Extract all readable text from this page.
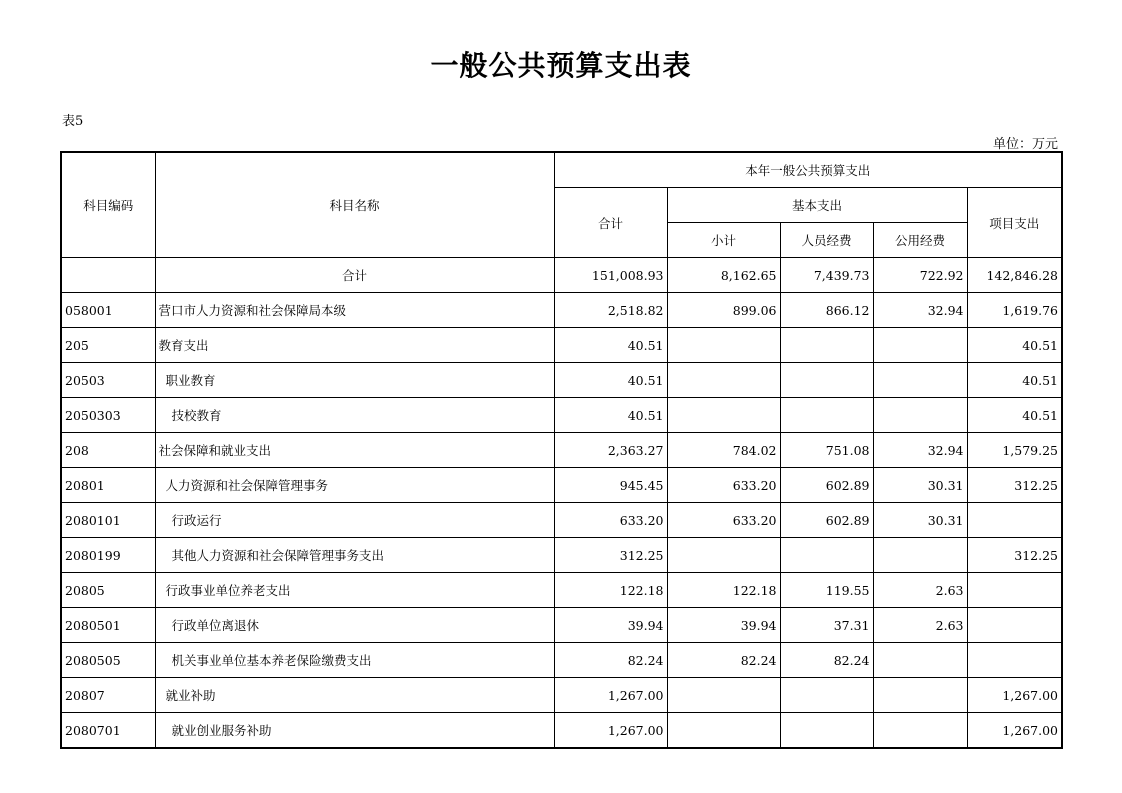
一般公共预算支出表
表5
单位：万元
科目编码	科目名称	本年一般公共预算支出				
		合计	基本支出			项目支出
			小计	人员经费	公用经费	
	合计	151,008.93	8,162.65	7,439.73	722.92	142,846.28
058001	营口市人力资源和社会保障局本级	2,518.82	899.06	866.12	32.94	1,619.76
205	教育支出	40.51				40.51
20503	职业教育	40.51				40.51
2050303	技校教育	40.51				40.51
208	社会保障和就业支出	2,363.27	784.02	751.08	32.94	1,579.25
20801	人力资源和社会保障管理事务	945.45	633.20	602.89	30.31	312.25
2080101	行政运行	633.20	633.20	602.89	30.31	
2080199	其他人力资源和社会保障管理事务支出	312.25				312.25
20805	行政事业单位养老支出	122.18	122.18	119.55	2.63	
2080501	行政单位离退休	39.94	39.94	37.31	2.63	
2080505	机关事业单位基本养老保险缴费支出	82.24	82.24	82.24		
20807	就业补助	1,267.00				1,267.00
2080701	就业创业服务补助	1,267.00				1,267.00
